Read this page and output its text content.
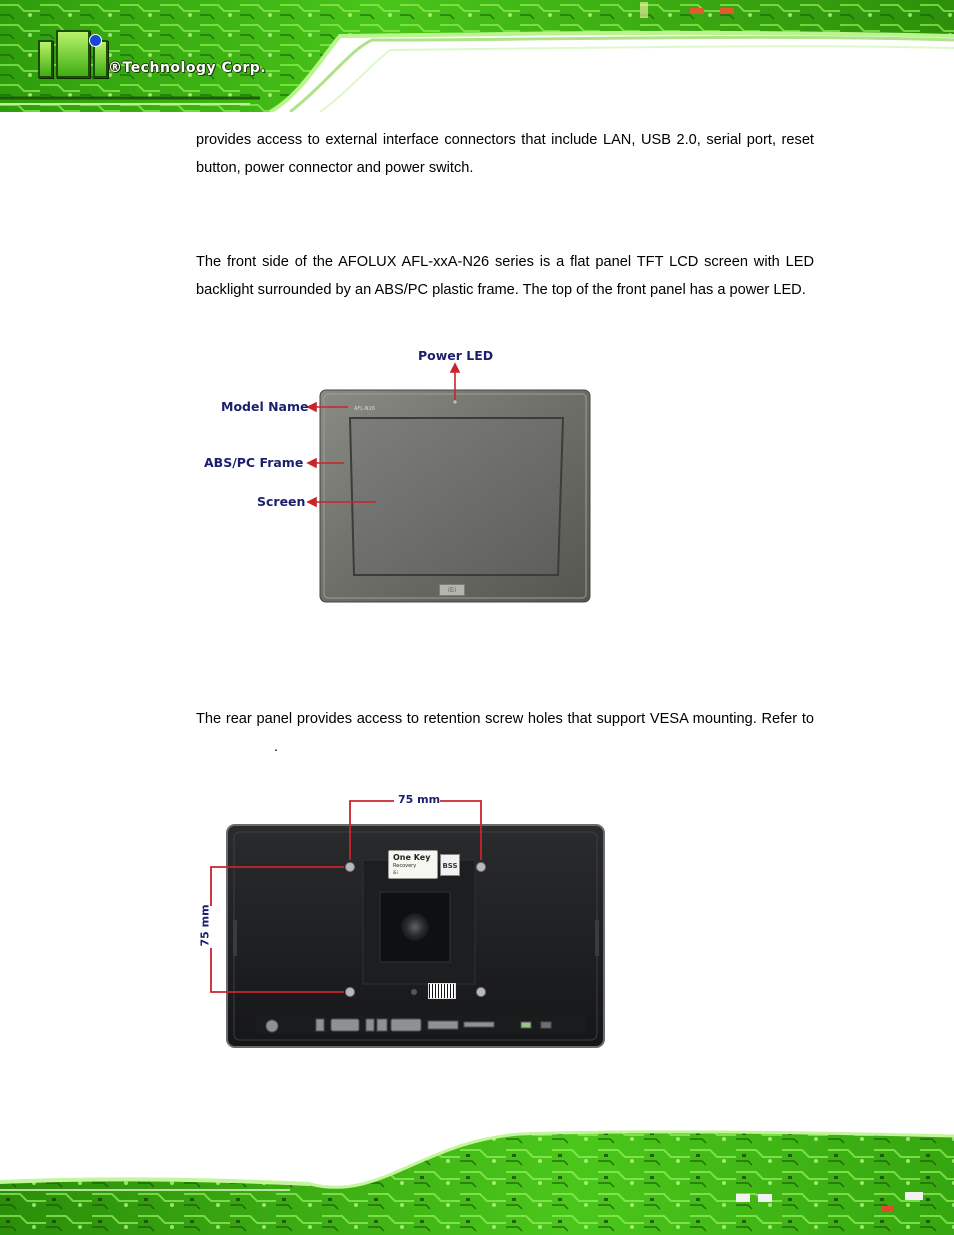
®Technology Corp.
provides access to external interface connectors that include LAN, USB 2.0, serial port, reset button, power connector and power switch.
The front side of the AFOLUX AFL-xxA-N26 series is a flat panel TFT LCD screen with LED backlight surrounded by an ABS/PC plastic frame. The top of the front panel has a power LED.
The rear panel provides access to retention screw holes that support VESA mounting. Refer to .
AFL-N26
iEi
Power LED
Model Name
ABS/PC Frame
Screen
One Key
Recovery
iEi
BSS
75 mm
75 mm
